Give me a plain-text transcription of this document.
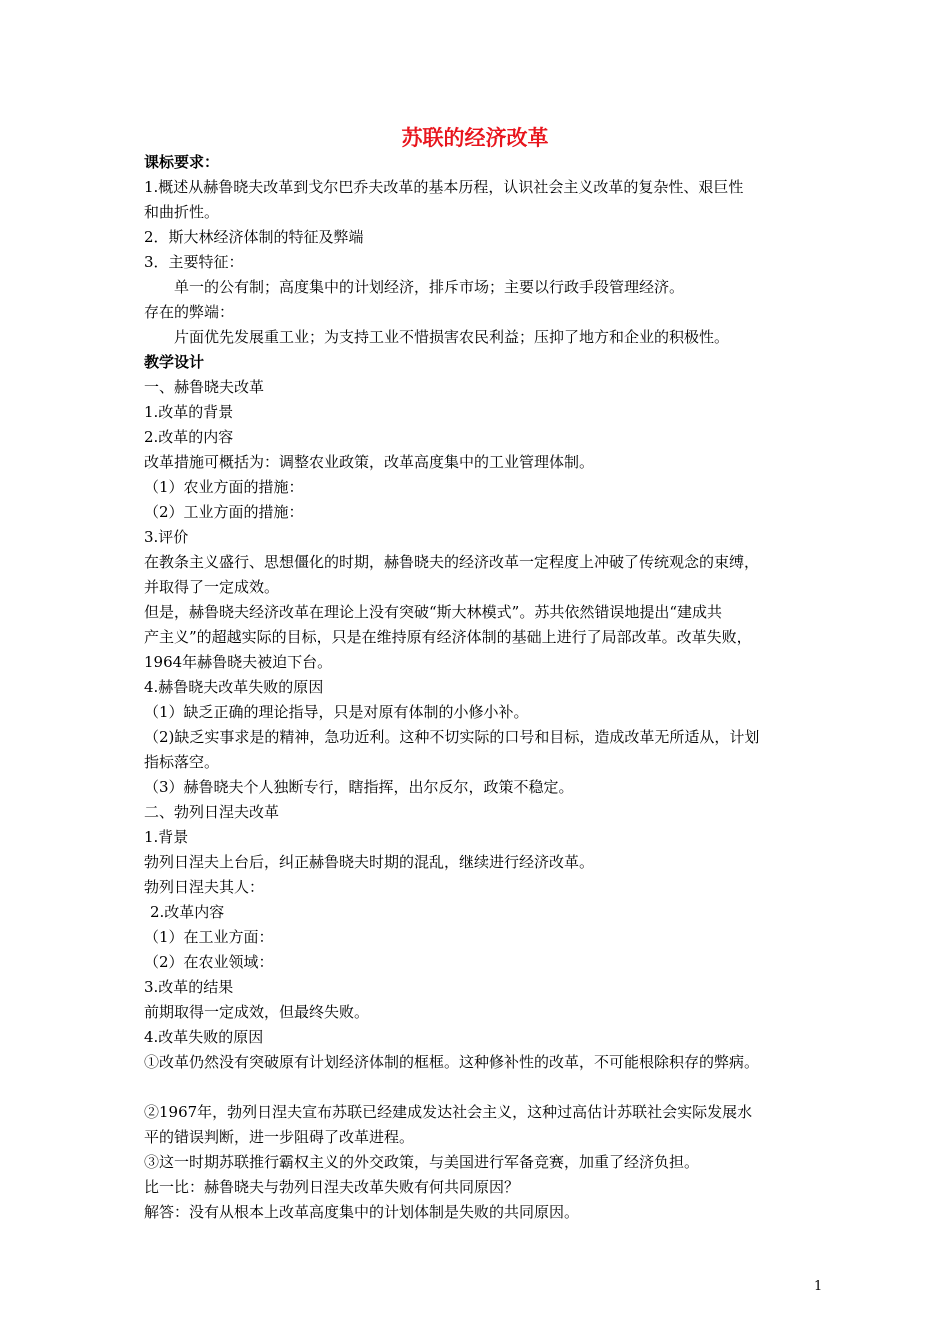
苏联的经济改革
课标要求：
1.概述从赫鲁晓夫改革到戈尔巴乔夫改革的基本历程，认识社会主义改革的复杂性、艰巨性
和曲折性。
2．斯大林经济体制的特征及弊端
3．主要特征：
单一的公有制；高度集中的计划经济，排斥市场；主要以行政手段管理经济。
存在的弊端：
片面优先发展重工业；为支持工业不惜损害农民利益；压抑了地方和企业的积极性。
教学设计
一、赫鲁晓夫改革
1.改革的背景
2.改革的内容
改革措施可概括为：调整农业政策，改革高度集中的工业管理体制。
（1）农业方面的措施：
（2）工业方面的措施：
3.评价
在教条主义盛行、思想僵化的时期，赫鲁晓夫的经济改革一定程度上冲破了传统观念的束缚，
并取得了一定成效。
但是，赫鲁晓夫经济改革在理论上没有突破“斯大林模式”。苏共依然错误地提出“建成共
产主义”的超越实际的目标，只是在维持原有经济体制的基础上进行了局部改革。改革失败，
1964年赫鲁晓夫被迫下台。
4.赫鲁晓夫改革失败的原因
（1）缺乏正确的理论指导，只是对原有体制的小修小补。
（2)缺乏实事求是的精神，急功近利。这种不切实际的口号和目标，造成改革无所适从，计划
指标落空。
（3）赫鲁晓夫个人独断专行，瞎指挥，出尔反尔，政策不稳定。
二、勃列日涅夫改革
1.背景
勃列日涅夫上台后，纠正赫鲁晓夫时期的混乱，继续进行经济改革。
勃列日涅夫其人：
2.改革内容
（1）在工业方面：
（2）在农业领域：
3.改革的结果
前期取得一定成效，但最终失败。
4.改革失败的原因
①改革仍然没有突破原有计划经济体制的框框。这种修补性的改革，不可能根除积存的弊病。
②1967年，勃列日涅夫宣布苏联已经建成发达社会主义，这种过高估计苏联社会实际发展水
平的错误判断，进一步阻碍了改革进程。
③这一时期苏联推行霸权主义的外交政策，与美国进行军备竞赛，加重了经济负担。
比一比：赫鲁晓夫与勃列日涅夫改革失败有何共同原因？
解答：没有从根本上改革高度集中的计划体制是失败的共同原因。
1
